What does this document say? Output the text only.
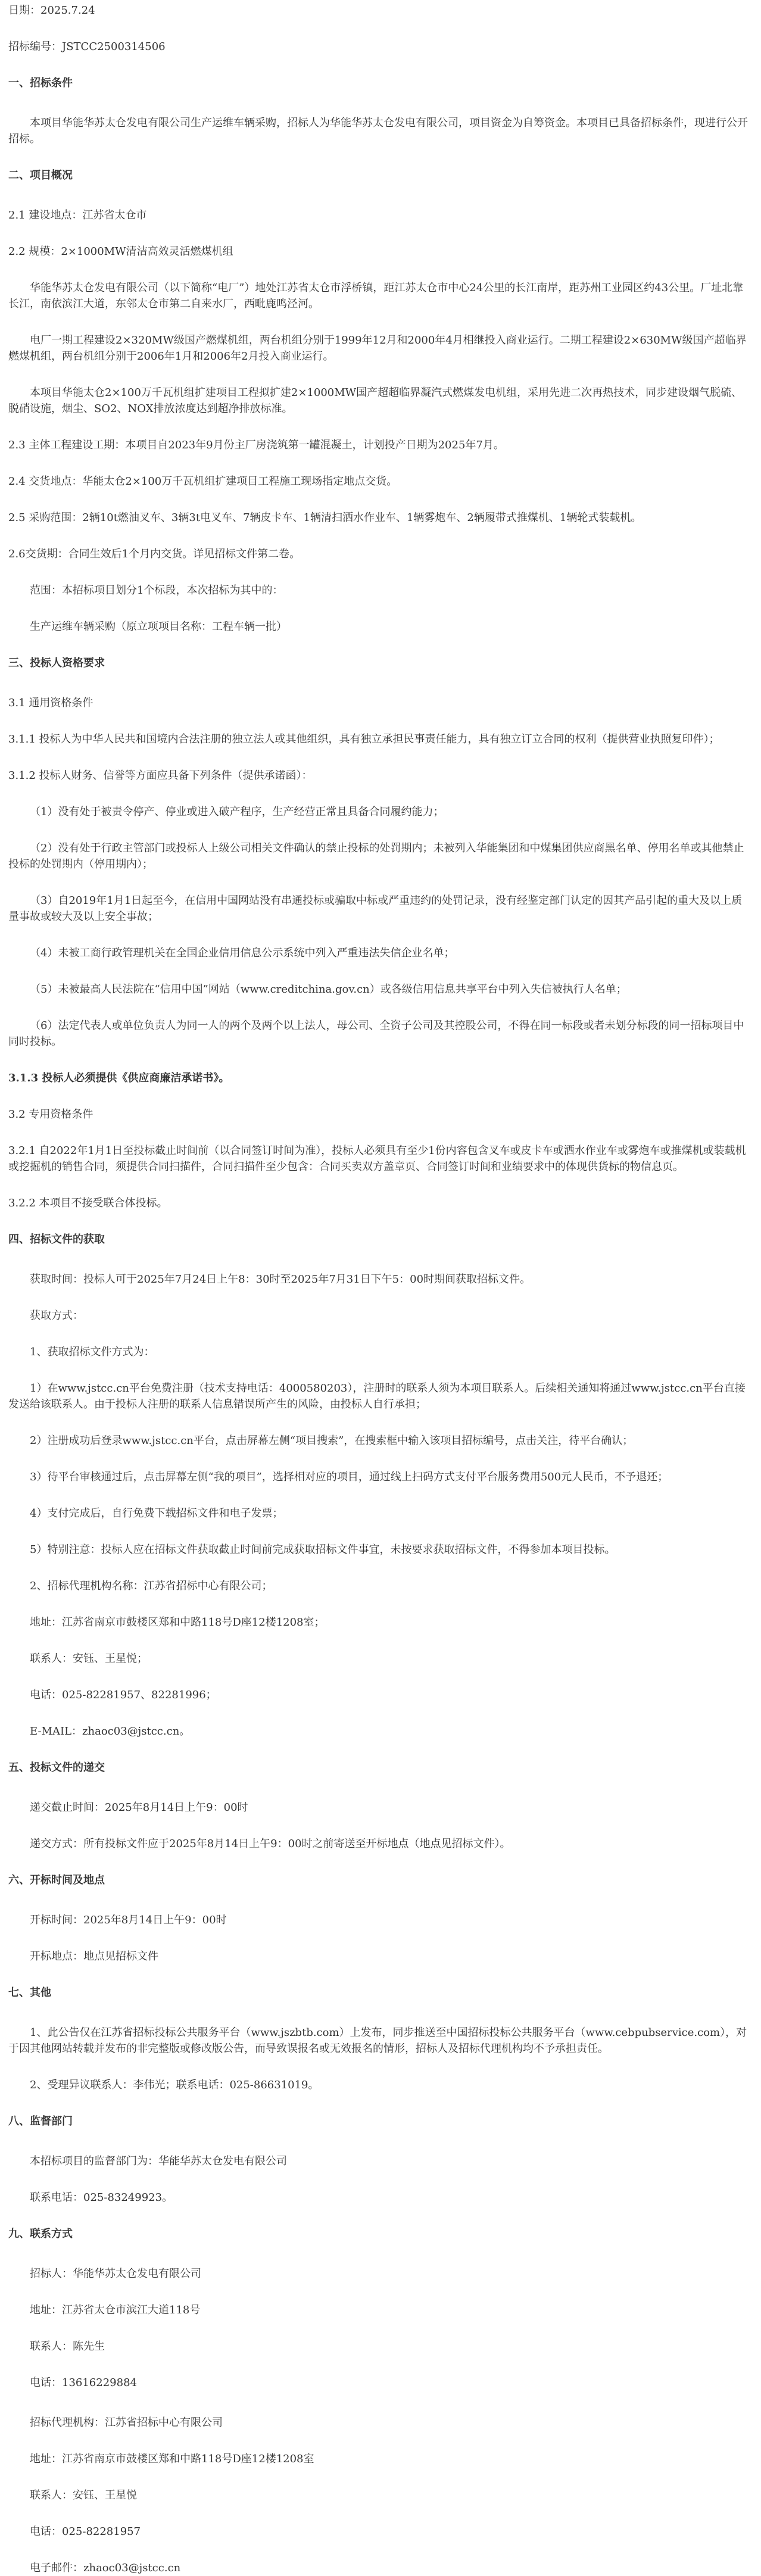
日期：2025.7.24
招标编号：JSTCC2500314506
一、招标条件
本项目华能华苏太仓发电有限公司生产运维车辆采购，招标人为华能华苏太仓发电有限公司，项目资金为自筹资金。本项目已具备招标条件，现进行公开招标。
二、项目概况
2.1 建设地点：江苏省太仓市
2.2 规模：2×1000MW清洁高效灵活燃煤机组
华能华苏太仓发电有限公司（以下简称“电厂”）地处江苏省太仓市浮桥镇，距江苏太仓市中心24公里的长江南岸，距苏州工业园区约43公里。厂址北靠长江，南依滨江大道，东邻太仓市第二自来水厂，西毗鹿鸣泾河。
电厂一期工程建设2×320MW级国产燃煤机组，两台机组分别于1999年12月和2000年4月相继投入商业运行。二期工程建设2×630MW级国产超临界燃煤机组，两台机组分别于2006年1月和2006年2月投入商业运行。
本项目华能太仓2×100万千瓦机组扩建项目工程拟扩建2×1000MW国产超超临界凝汽式燃煤发电机组，采用先进二次再热技术，同步建设烟气脱硫、脱硝设施，烟尘、SO2、NOX排放浓度达到超净排放标准。
2.3 主体工程建设工期：本项目自2023年9月份主厂房浇筑第一罐混凝土，计划投产日期为2025年7月。
2.4 交货地点：华能太仓2×100万千瓦机组扩建项目工程施工现场指定地点交货。
2.5 采购范围：2辆10t燃油叉车、3辆3t电叉车、7辆皮卡车、1辆清扫洒水作业车、1辆雾炮车、2辆履带式推煤机、1辆轮式装载机。
2.6交货期：合同生效后1个月内交货。详见招标文件第二卷。
范围：本招标项目划分1个标段，本次招标为其中的：
生产运维车辆采购（原立项项目名称：工程车辆一批）
三、投标人资格要求
3.1 通用资格条件
3.1.1 投标人为中华人民共和国境内合法注册的独立法人或其他组织，具有独立承担民事责任能力，具有独立订立合同的权利（提供营业执照复印件）；
3.1.2 投标人财务、信誉等方面应具备下列条件（提供承诺函）：
（1）没有处于被责令停产、停业或进入破产程序，生产经营正常且具备合同履约能力；
（2）没有处于行政主管部门或投标人上级公司相关文件确认的禁止投标的处罚期内；未被列入华能集团和中煤集团供应商黑名单、停用名单或其他禁止投标的处罚期内（停用期内）；
（3）自2019年1月1日起至今，在信用中国网站没有串通投标或骗取中标或严重违约的处罚记录，没有经鉴定部门认定的因其产品引起的重大及以上质量事故或较大及以上安全事故；
（4）未被工商行政管理机关在全国企业信用信息公示系统中列入严重违法失信企业名单；
（5）未被最高人民法院在“信用中国”网站（www.creditchina.gov.cn）或各级信用信息共享平台中列入失信被执行人名单；
（6）法定代表人或单位负责人为同一人的两个及两个以上法人，母公司、全资子公司及其控股公司，不得在同一标段或者未划分标段的同一招标项目中同时投标。
3.1.3 投标人必须提供《供应商廉洁承诺书》。
3.2 专用资格条件
3.2.1 自2022年1月1日至投标截止时间前（以合同签订时间为准），投标人必须具有至少1份内容包含叉车或皮卡车或洒水作业车或雾炮车或推煤机或装载机或挖掘机的销售合同，须提供合同扫描件，合同扫描件至少包含：合同买卖双方盖章页、合同签订时间和业绩要求中的体现供货标的物信息页。
3.2.2 本项目不接受联合体投标。
四、招标文件的获取
获取时间：投标人可于2025年7月24日上午8：30时至2025年7月31日下午5：00时期间获取招标文件。
获取方式：
1、获取招标文件方式为：
1）在www.jstcc.cn平台免费注册（技术支持电话：4000580203），注册时的联系人须为本项目联系人。后续相关通知将通过www.jstcc.cn平台直接发送给该联系人。由于投标人注册的联系人信息错误所产生的风险，由投标人自行承担；
2）注册成功后登录www.jstcc.cn平台，点击屏幕左侧“项目搜索”，在搜索框中输入该项目招标编号，点击关注，待平台确认；
3）待平台审核通过后，点击屏幕左侧“我的项目”，选择相对应的项目，通过线上扫码方式支付平台服务费用500元人民币，不予退还；
4）支付完成后，自行免费下载招标文件和电子发票；
5）特别注意：投标人应在招标文件获取截止时间前完成获取招标文件事宜，未按要求获取招标文件，不得参加本项目投标。
2、招标代理机构名称：江苏省招标中心有限公司；
地址：江苏省南京市鼓楼区郑和中路118号D座12楼1208室；
联系人：安钰、王星悦；
电话：025-82281957、82281996；
E-MAIL：zhaoc03@jstcc.cn。
五、投标文件的递交
递交截止时间：2025年8月14日上午9：00时
递交方式：所有投标文件应于2025年8月14日上午9：00时之前寄送至开标地点（地点见招标文件）。
六、开标时间及地点
开标时间：2025年8月14日上午9：00时
开标地点：地点见招标文件
七、其他
1、此公告仅在江苏省招标投标公共服务平台（www.jszbtb.com）上发布，同步推送至中国招标投标公共服务平台（www.cebpubservice.com），对于因其他网站转载并发布的非完整版或修改版公告，而导致误报名或无效报名的情形，招标人及招标代理机构均不予承担责任。
2、受理异议联系人：李伟光；联系电话：025-86631019。
八、监督部门
本招标项目的监督部门为：华能华苏太仓发电有限公司
联系电话：025-83249923。
九、联系方式
招标人：华能华苏太仓发电有限公司
地址：江苏省太仓市滨江大道118号
联系人：陈先生
电话：13616229884
招标代理机构：江苏省招标中心有限公司
地址：江苏省南京市鼓楼区郑和中路118号D座12楼1208室
联系人：安钰、王星悦
电话：025-82281957
电子邮件：zhaoc03@jstcc.cn
